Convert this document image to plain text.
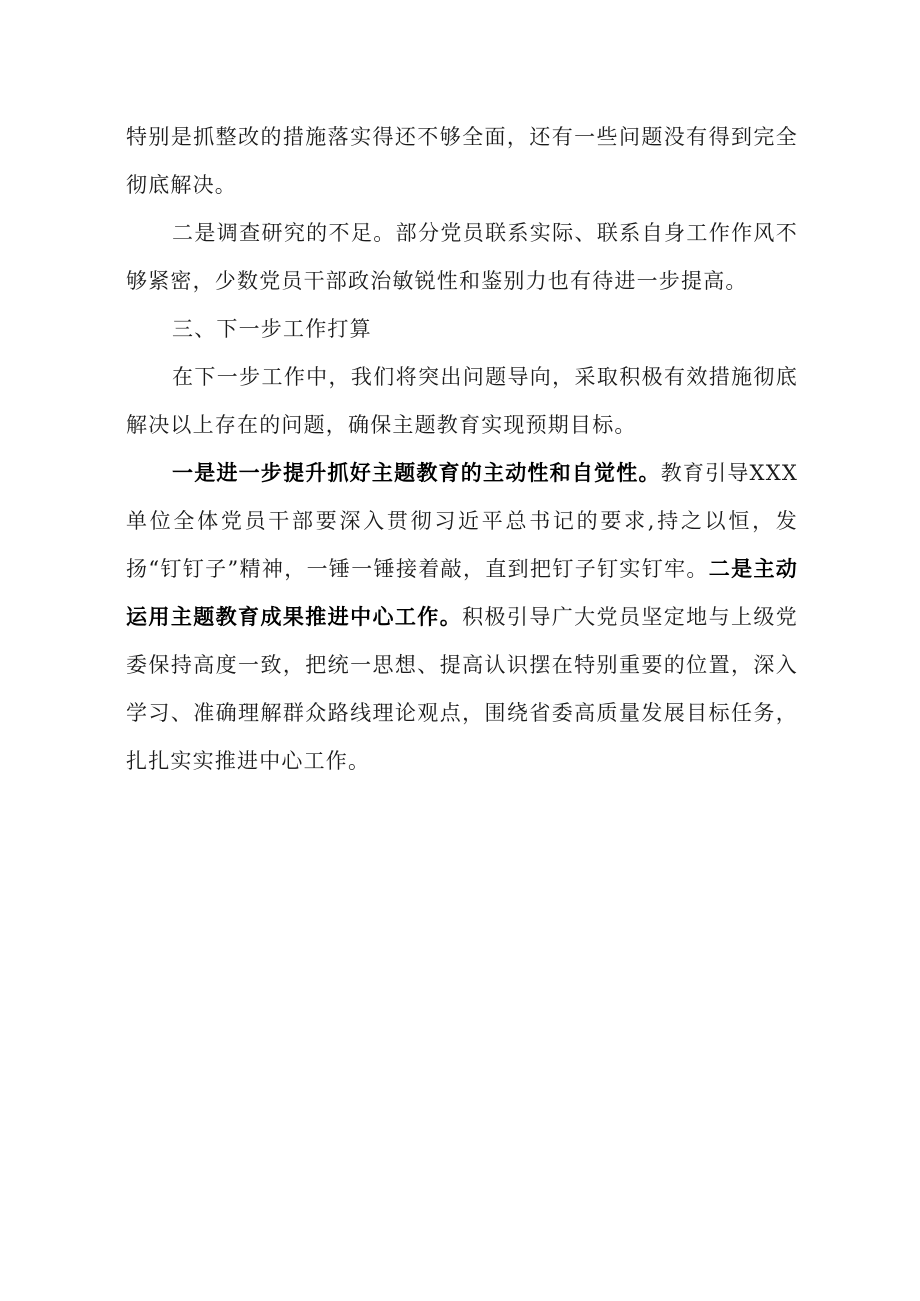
特别是抓整改的措施落实得还不够全面，还有一些问题没有得到完全彻底解决。

二是调查研究的不足。部分党员联系实际、联系自身工作作风不够紧密，少数党员干部政治敏锐性和鉴别力也有待进一步提高。

三、下一步工作打算

在下一步工作中，我们将突出问题导向，采取积极有效措施彻底解决以上存在的问题，确保主题教育实现预期目标。

一是进一步提升抓好主题教育的主动性和自觉性。教育引导XXX单位全体党员干部要深入贯彻习近平总书记的要求,持之以恒，发扬“钉钉子”精神，一锤一锤接着敲，直到把钉子钉实钉牢。二是主动运用主题教育成果推进中心工作。积极引导广大党员坚定地与上级党委保持高度一致，把统一思想、提高认识摆在特别重要的位置，深入学习、准确理解群众路线理论观点，围绕省委高质量发展目标任务，扎扎实实推进中心工作。
